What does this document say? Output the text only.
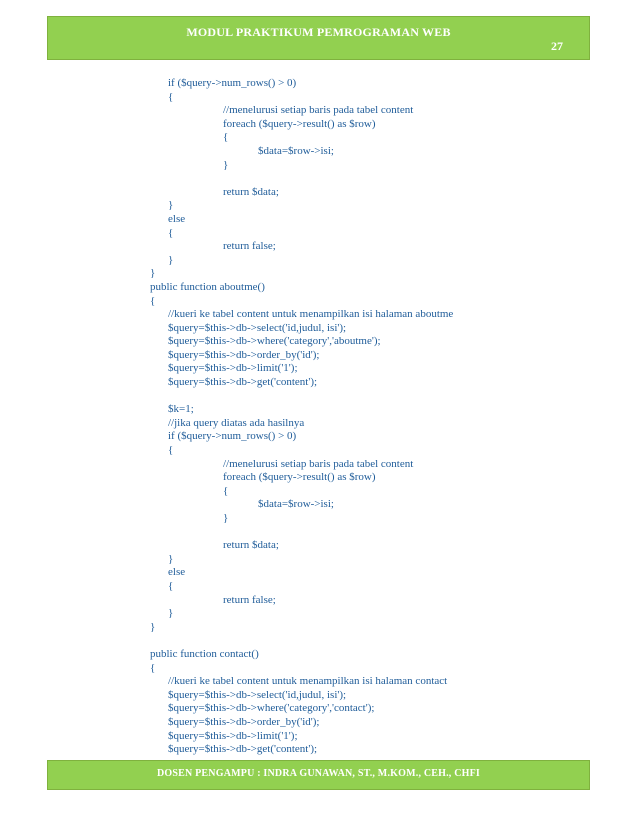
MODUL PRAKTIKUM PEMROGRAMAN WEB
27
if ($query->num_rows() > 0)
{
//menelurusi setiap baris pada tabel content
foreach ($query->result() as $row)
{
$data=$row->isi;
}
return $data;
}
else
{
return false;
}
}
public function aboutme()
{
//kueri ke tabel content untuk menampilkan isi halaman aboutme
$query=$this->db->select('id,judul, isi');
$query=$this->db->where('category','aboutme');
$query=$this->db->order_by('id');
$query=$this->db->limit('1');
$query=$this->db->get('content');
$k=1;
//jika query diatas ada hasilnya
if ($query->num_rows() > 0)
{
//menelurusi setiap baris pada tabel content
foreach ($query->result() as $row)
{
$data=$row->isi;
}
return $data;
}
else
{
return false;
}
}
public function contact()
{
//kueri ke tabel content untuk menampilkan isi halaman contact
$query=$this->db->select('id,judul, isi');
$query=$this->db->where('category','contact');
$query=$this->db->order_by('id');
$query=$this->db->limit('1');
$query=$this->db->get('content');
DOSEN PENGAMPU : INDRA GUNAWAN, ST., M.KOM., CEH., CHFI
